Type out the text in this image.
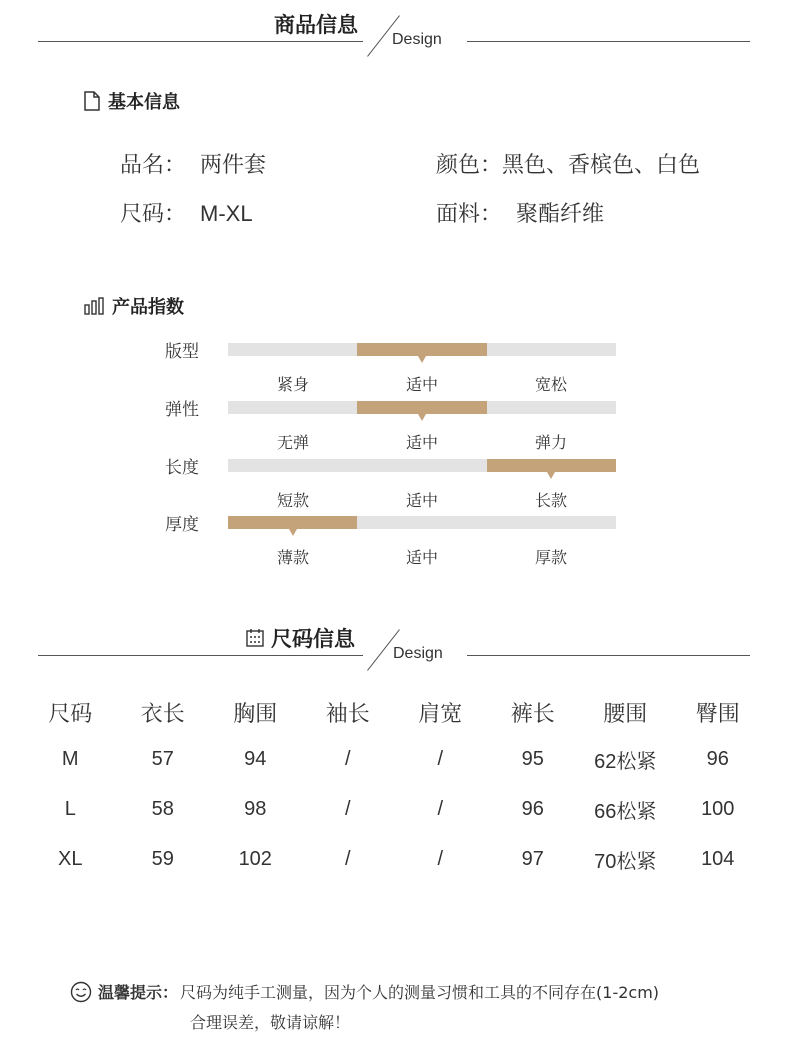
商品信息
Design
基本信息
品名： 两件套
尺码： M-XL
颜色：黑色、香槟色、白色
面料： 聚酯纤维
产品指数
版型
紧身	适中	宽松
弹性
无弹	适中	弹力
长度
短款	适中	长款
厚度
薄款	适中	厚款
尺码信息
Design
尺码	衣长	胸围	袖长	肩宽	裤长	腰围	臀围
M	57	94	/	/	95	62松紧	96
L	58	98	/	/	96	66松紧	100
XL	59	102	/	/	97	70松紧	104
温馨提示： 尺码为纯手工测量，因为个人的测量习惯和工具的不同存在(1-2cm)
合理误差，敬请谅解！
